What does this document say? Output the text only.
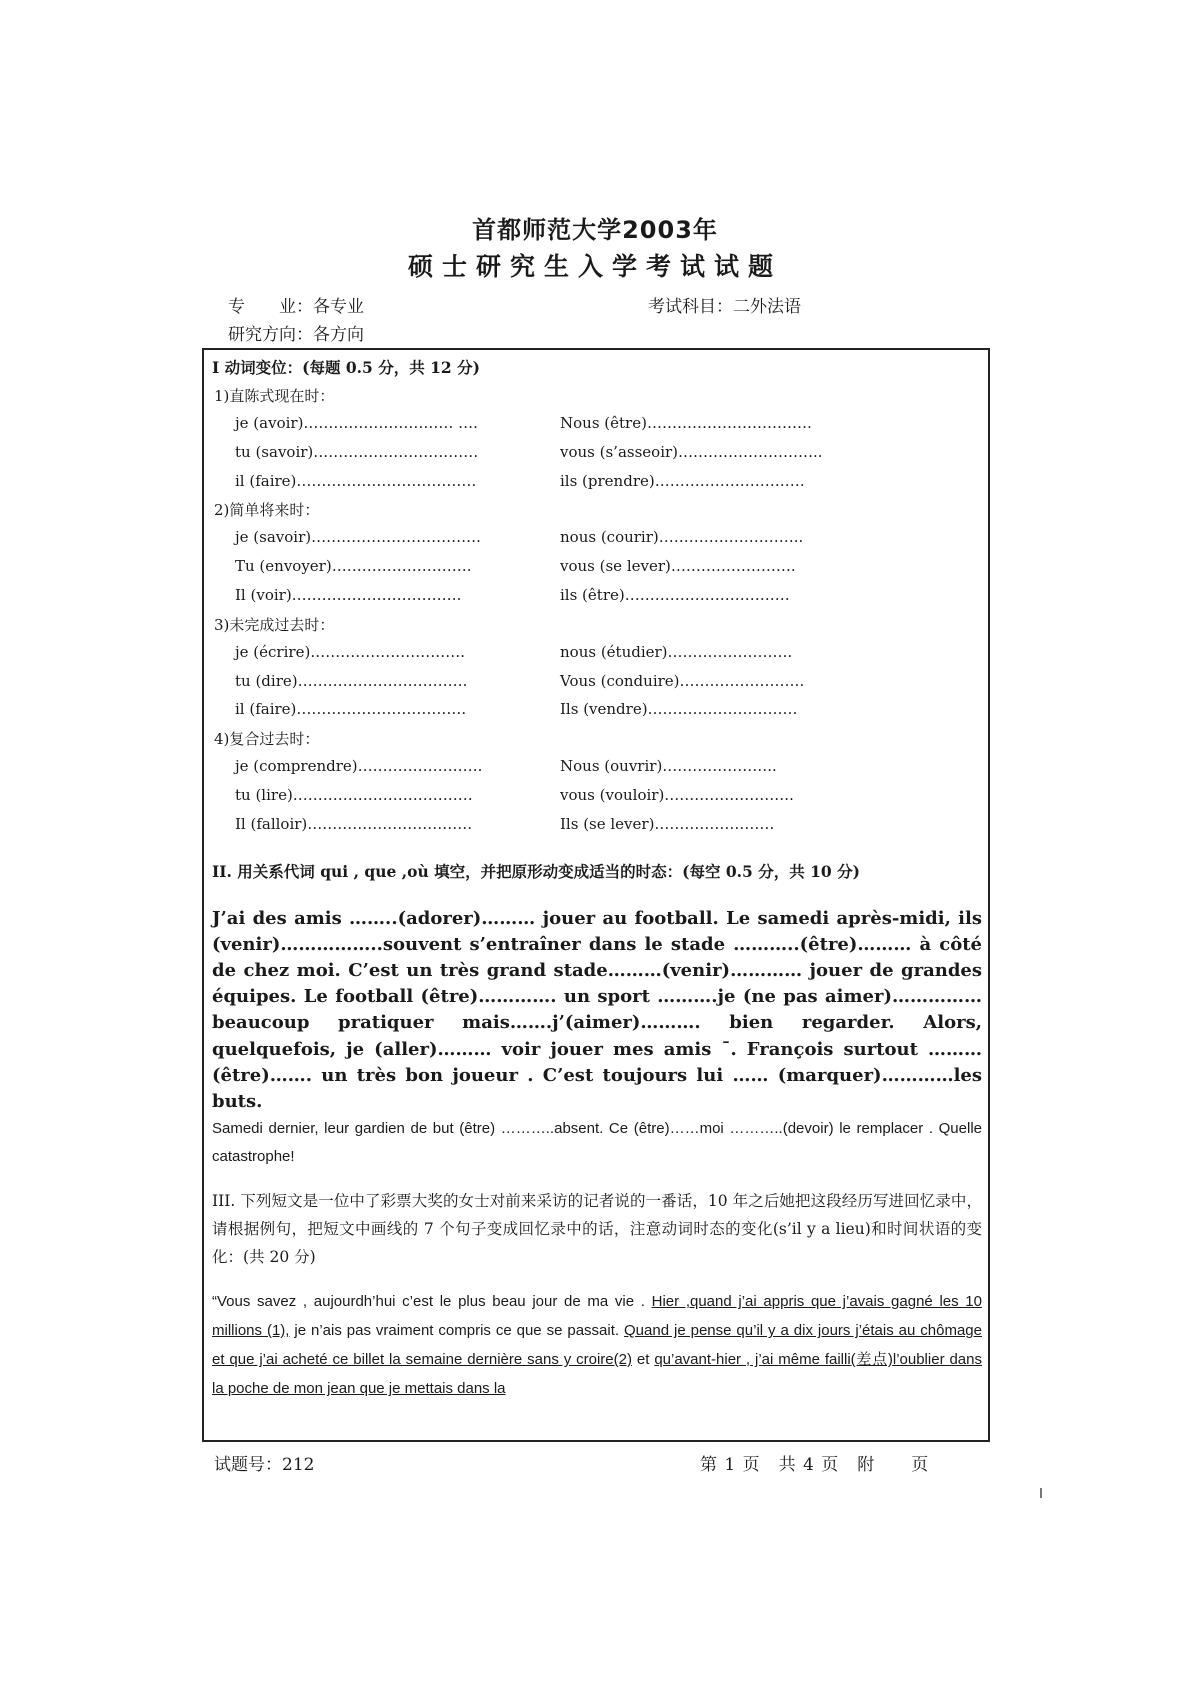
首都师范大学2003年
硕士研究生入学考试试题
专　　业：各专业	考试科目：二外法语
研究方向：各方向
I 动词变位：(每题 0.5 分，共 12 分)
1)直陈式现在时：
je (avoir)………………………… ….	Nous (être)……………………………
tu (savoir)……………………………	vous (s’asseoir)………………………..
il (faire)………………………………	ils (prendre)…………………………
2)简单将来时：
je (savoir)…………………………….	nous (courir)………………………..
Tu (envoyer)……………………….	vous (se lever)…………………….
Il (voir)…………………………….	ils (être)……………………………
3)未完成过去时：
je (écrire)………………………….	nous (étudier)…………………….
tu (dire)…………………………….	Vous (conduire)…………………….
il (faire)…………………………….	Ils (vendre)…………………………
4)复合过去时：
je (comprendre)…………………….	Nous (ouvrir)…………………..
tu (lire)………………………………	vous (vouloir)……………………..
Il (falloir)……………………………	Ils (se lever)……………………
II. 用关系代词 qui , que ,où 填空，并把原形动变成适当的时态：(每空 0.5 分，共 10 分)

J’ai des amis ……..(adorer)……… jouer au football. Le samedi après-midi, ils (venir)……………..souvent s’entraîner dans le stade ………..(être)……… à côté de chez moi. C’est un très grand stade………(venir)………… jouer de grandes équipes. Le football (être)…………. un sport ……….je (ne pas aimer)…………… beaucoup pratiquer mais…….j’(aimer)………. bien regarder. Alors, quelquefois, je (aller)……… voir jouer mes amis ¯. François surtout ………(être)……. un très bon joueur . C’est toujours lui …… (marquer)…………les buts.

Samedi dernier, leur gardien de but (être) ………..absent. Ce (être)……moi ………..(devoir) le remplacer . Quelle catastrophe!

III. 下列短文是一位中了彩票大奖的女士对前来采访的记者说的一番话，10 年之后她把这段经历写进回忆录中，请根据例句，把短文中画线的 7 个句子变成回忆录中的话，注意动词时态的变化(s’il y a lieu)和时间状语的变化：(共 20 分)

“Vous savez , aujourdh’hui c’est le plus beau jour de ma vie . Hier ,quand j’ai appris que j’avais gagné les 10 millions (1), je n’ais pas vraiment compris ce que se passait. Quand je pense qu’il y a dix jours j’étais au chômage et que j’ai acheté ce billet la semaine dernière sans y croire(2) et qu’avant-hier , j’ai même failli(差点)l’oublier dans la poche de mon jean que je mettais dans la

试题号：212	第 1 页　共 4 页　附　　页
